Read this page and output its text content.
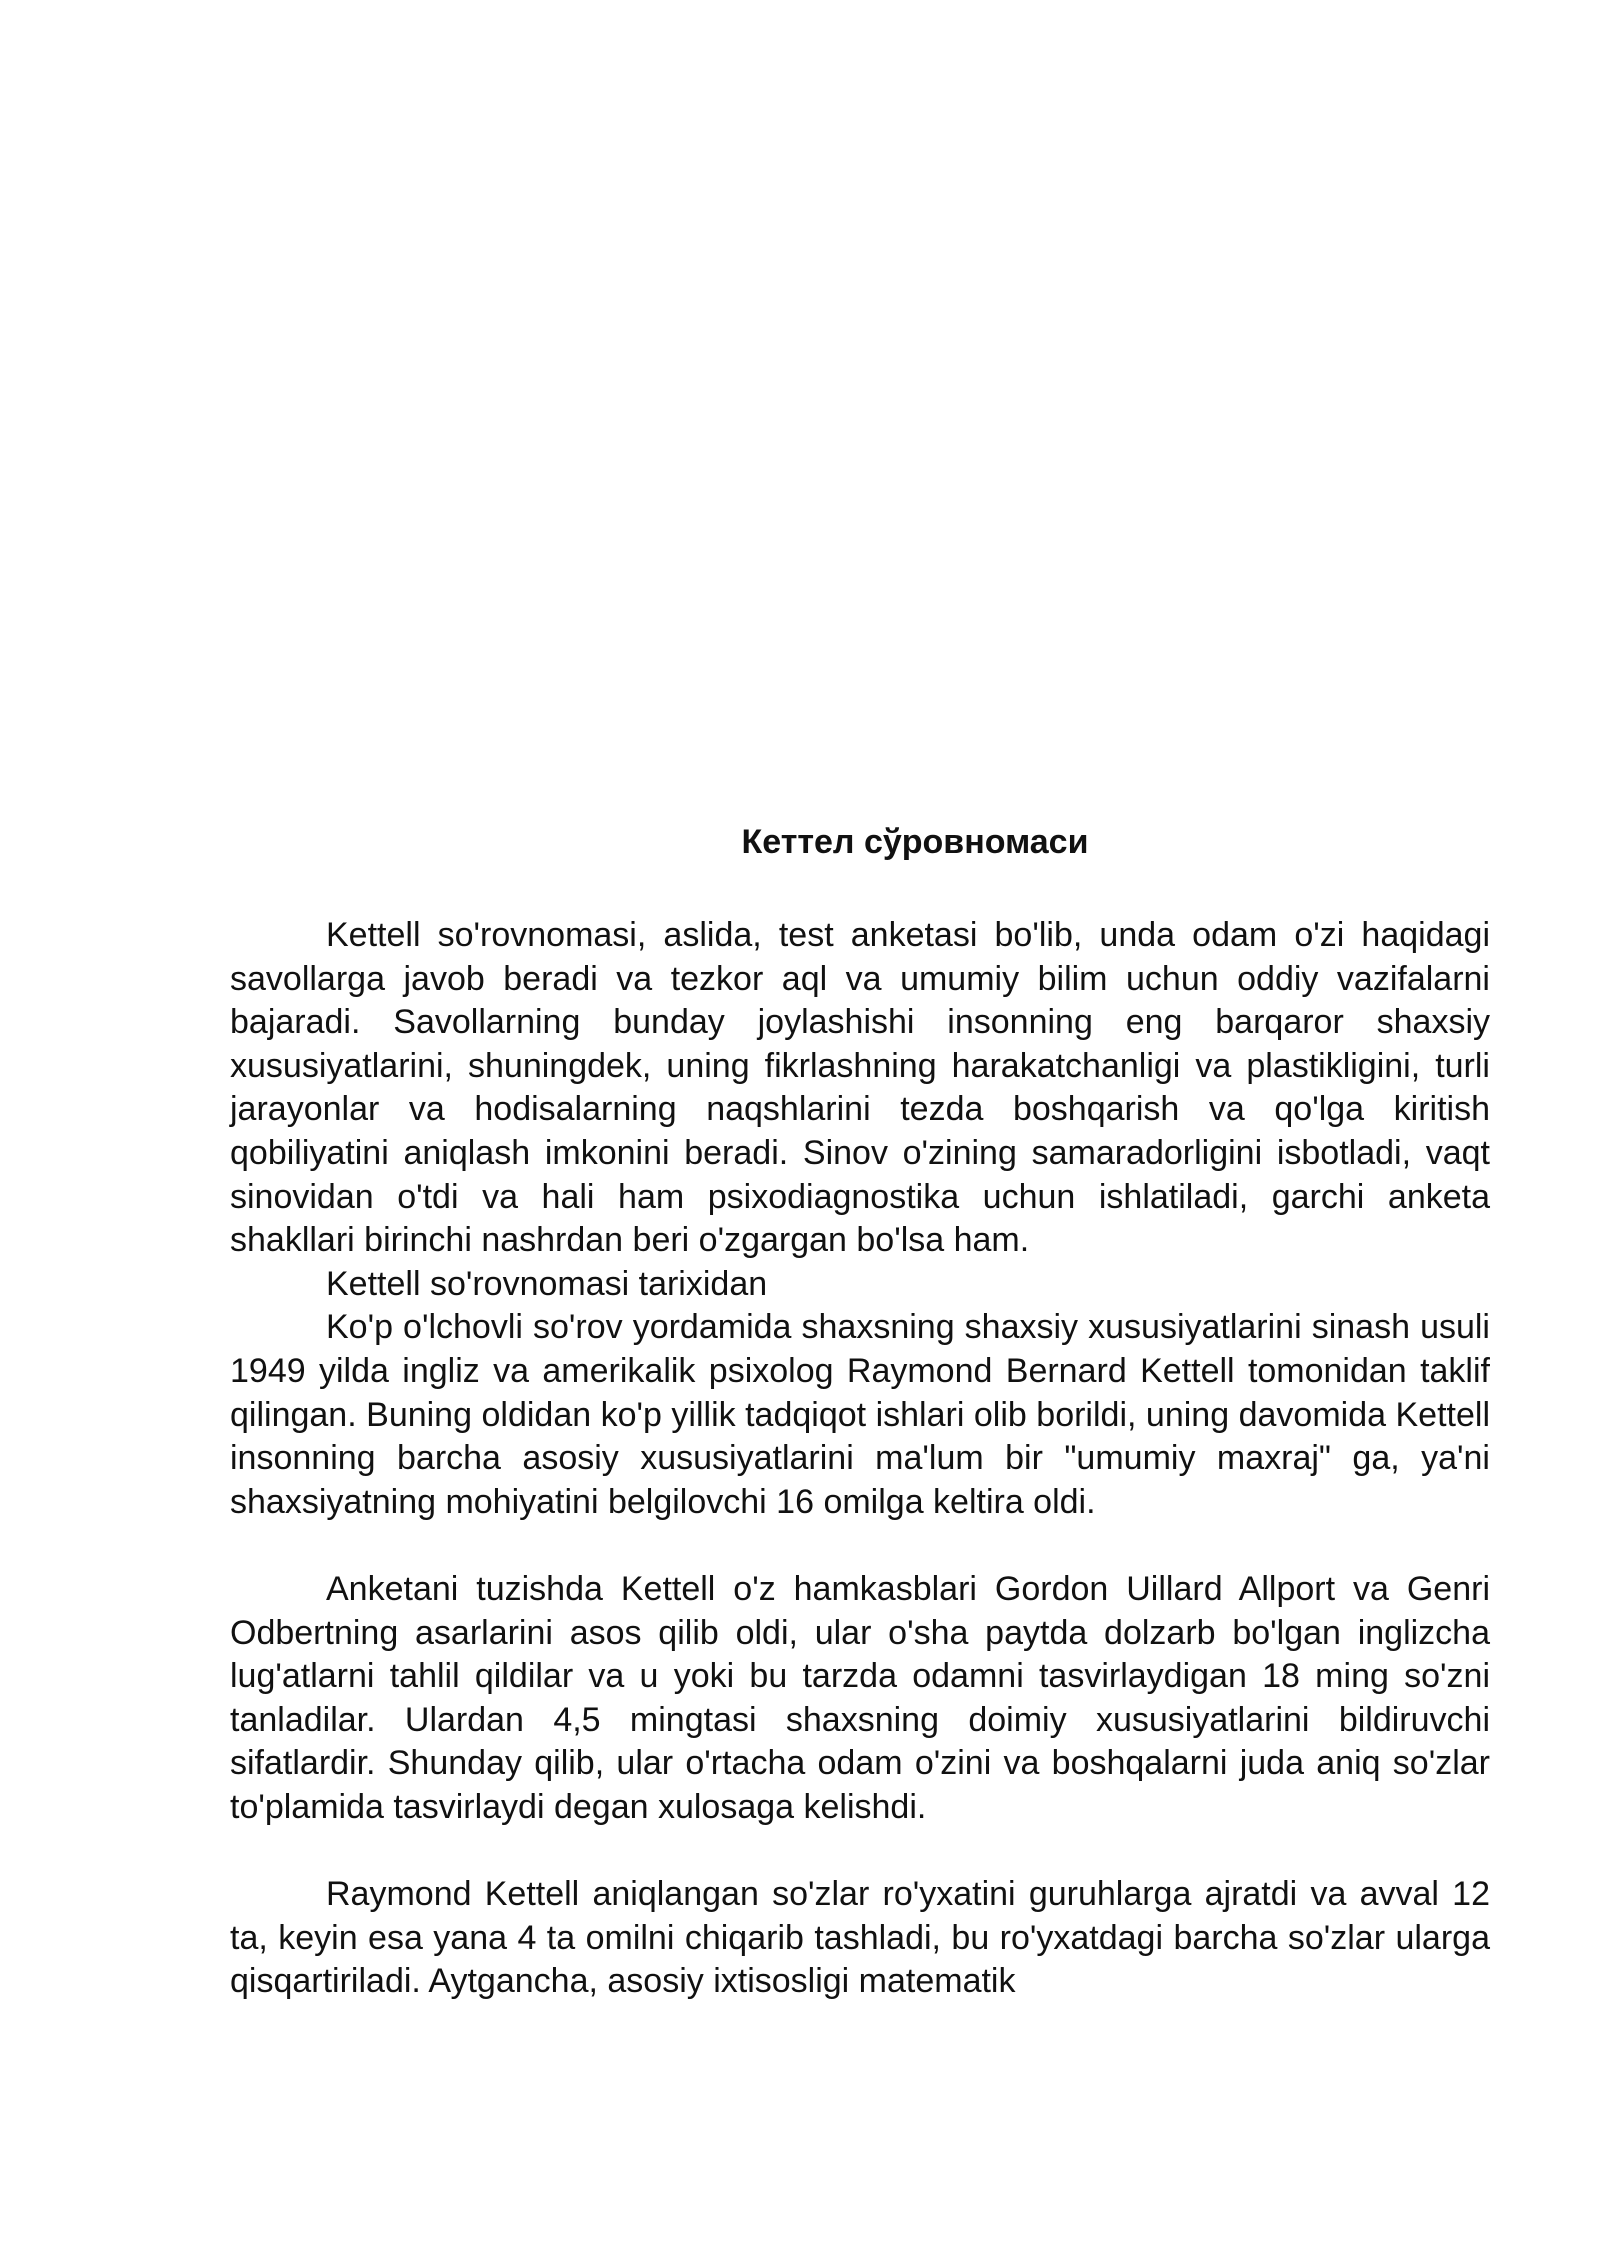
Кеттел сўровномаси

Kettell so'rovnomasi, aslida, test anketasi bo'lib, unda odam o'zi haqidagi savollarga javob beradi va tezkor aql va umumiy bilim uchun oddiy vazifalarni bajaradi. Savollarning bunday joylashishi insonning eng barqaror shaxsiy xususiyatlarini, shuningdek, uning fikrlashning harakatchanligi va plastikligini, turli jarayonlar va hodisalarning naqshlarini tezda boshqarish va qo'lga kiritish qobiliyatini aniqlash imkonini beradi. Sinov o'zining samaradorligini isbotladi, vaqt sinovidan o'tdi va hali ham psixodiagnostika uchun ishlatiladi, garchi anketa shakllari birinchi nashrdan beri o'zgargan bo'lsa ham.

Kettell so'rovnomasi tarixidan

Ko'p o'lchovli so'rov yordamida shaxsning shaxsiy xususiyatlarini sinash usuli 1949 yilda ingliz va amerikalik psixolog Raymond Bernard Kettell tomonidan taklif qilingan. Buning oldidan ko'p yillik tadqiqot ishlari olib borildi, uning davomida Kettell insonning barcha asosiy xususiyatlarini ma'lum bir "umumiy maxraj" ga, ya'ni shaxsiyatning mohiyatini belgilovchi 16 omilga keltira oldi.

Anketani tuzishda Kettell o'z hamkasblari Gordon Uillard Allport va Genri Odbertning asarlarini asos qilib oldi, ular o'sha paytda dolzarb bo'lgan inglizcha lug'atlarni tahlil qildilar va u yoki bu tarzda odamni tasvirlaydigan 18 ming so'zni tanladilar. Ulardan 4,5 mingtasi shaxsning doimiy xususiyatlarini bildiruvchi sifatlardir. Shunday qilib, ular o'rtacha odam o'zini va boshqalarni juda aniq so'zlar to'plamida tasvirlaydi degan xulosaga kelishdi.

Raymond Kettell aniqlangan so'zlar ro'yxatini guruhlarga ajratdi va avval 12 ta, keyin esa yana 4 ta omilni chiqarib tashladi, bu ro'yxatdagi barcha so'zlar ularga qisqartiriladi. Aytgancha, asosiy ixtisosligi matematik
